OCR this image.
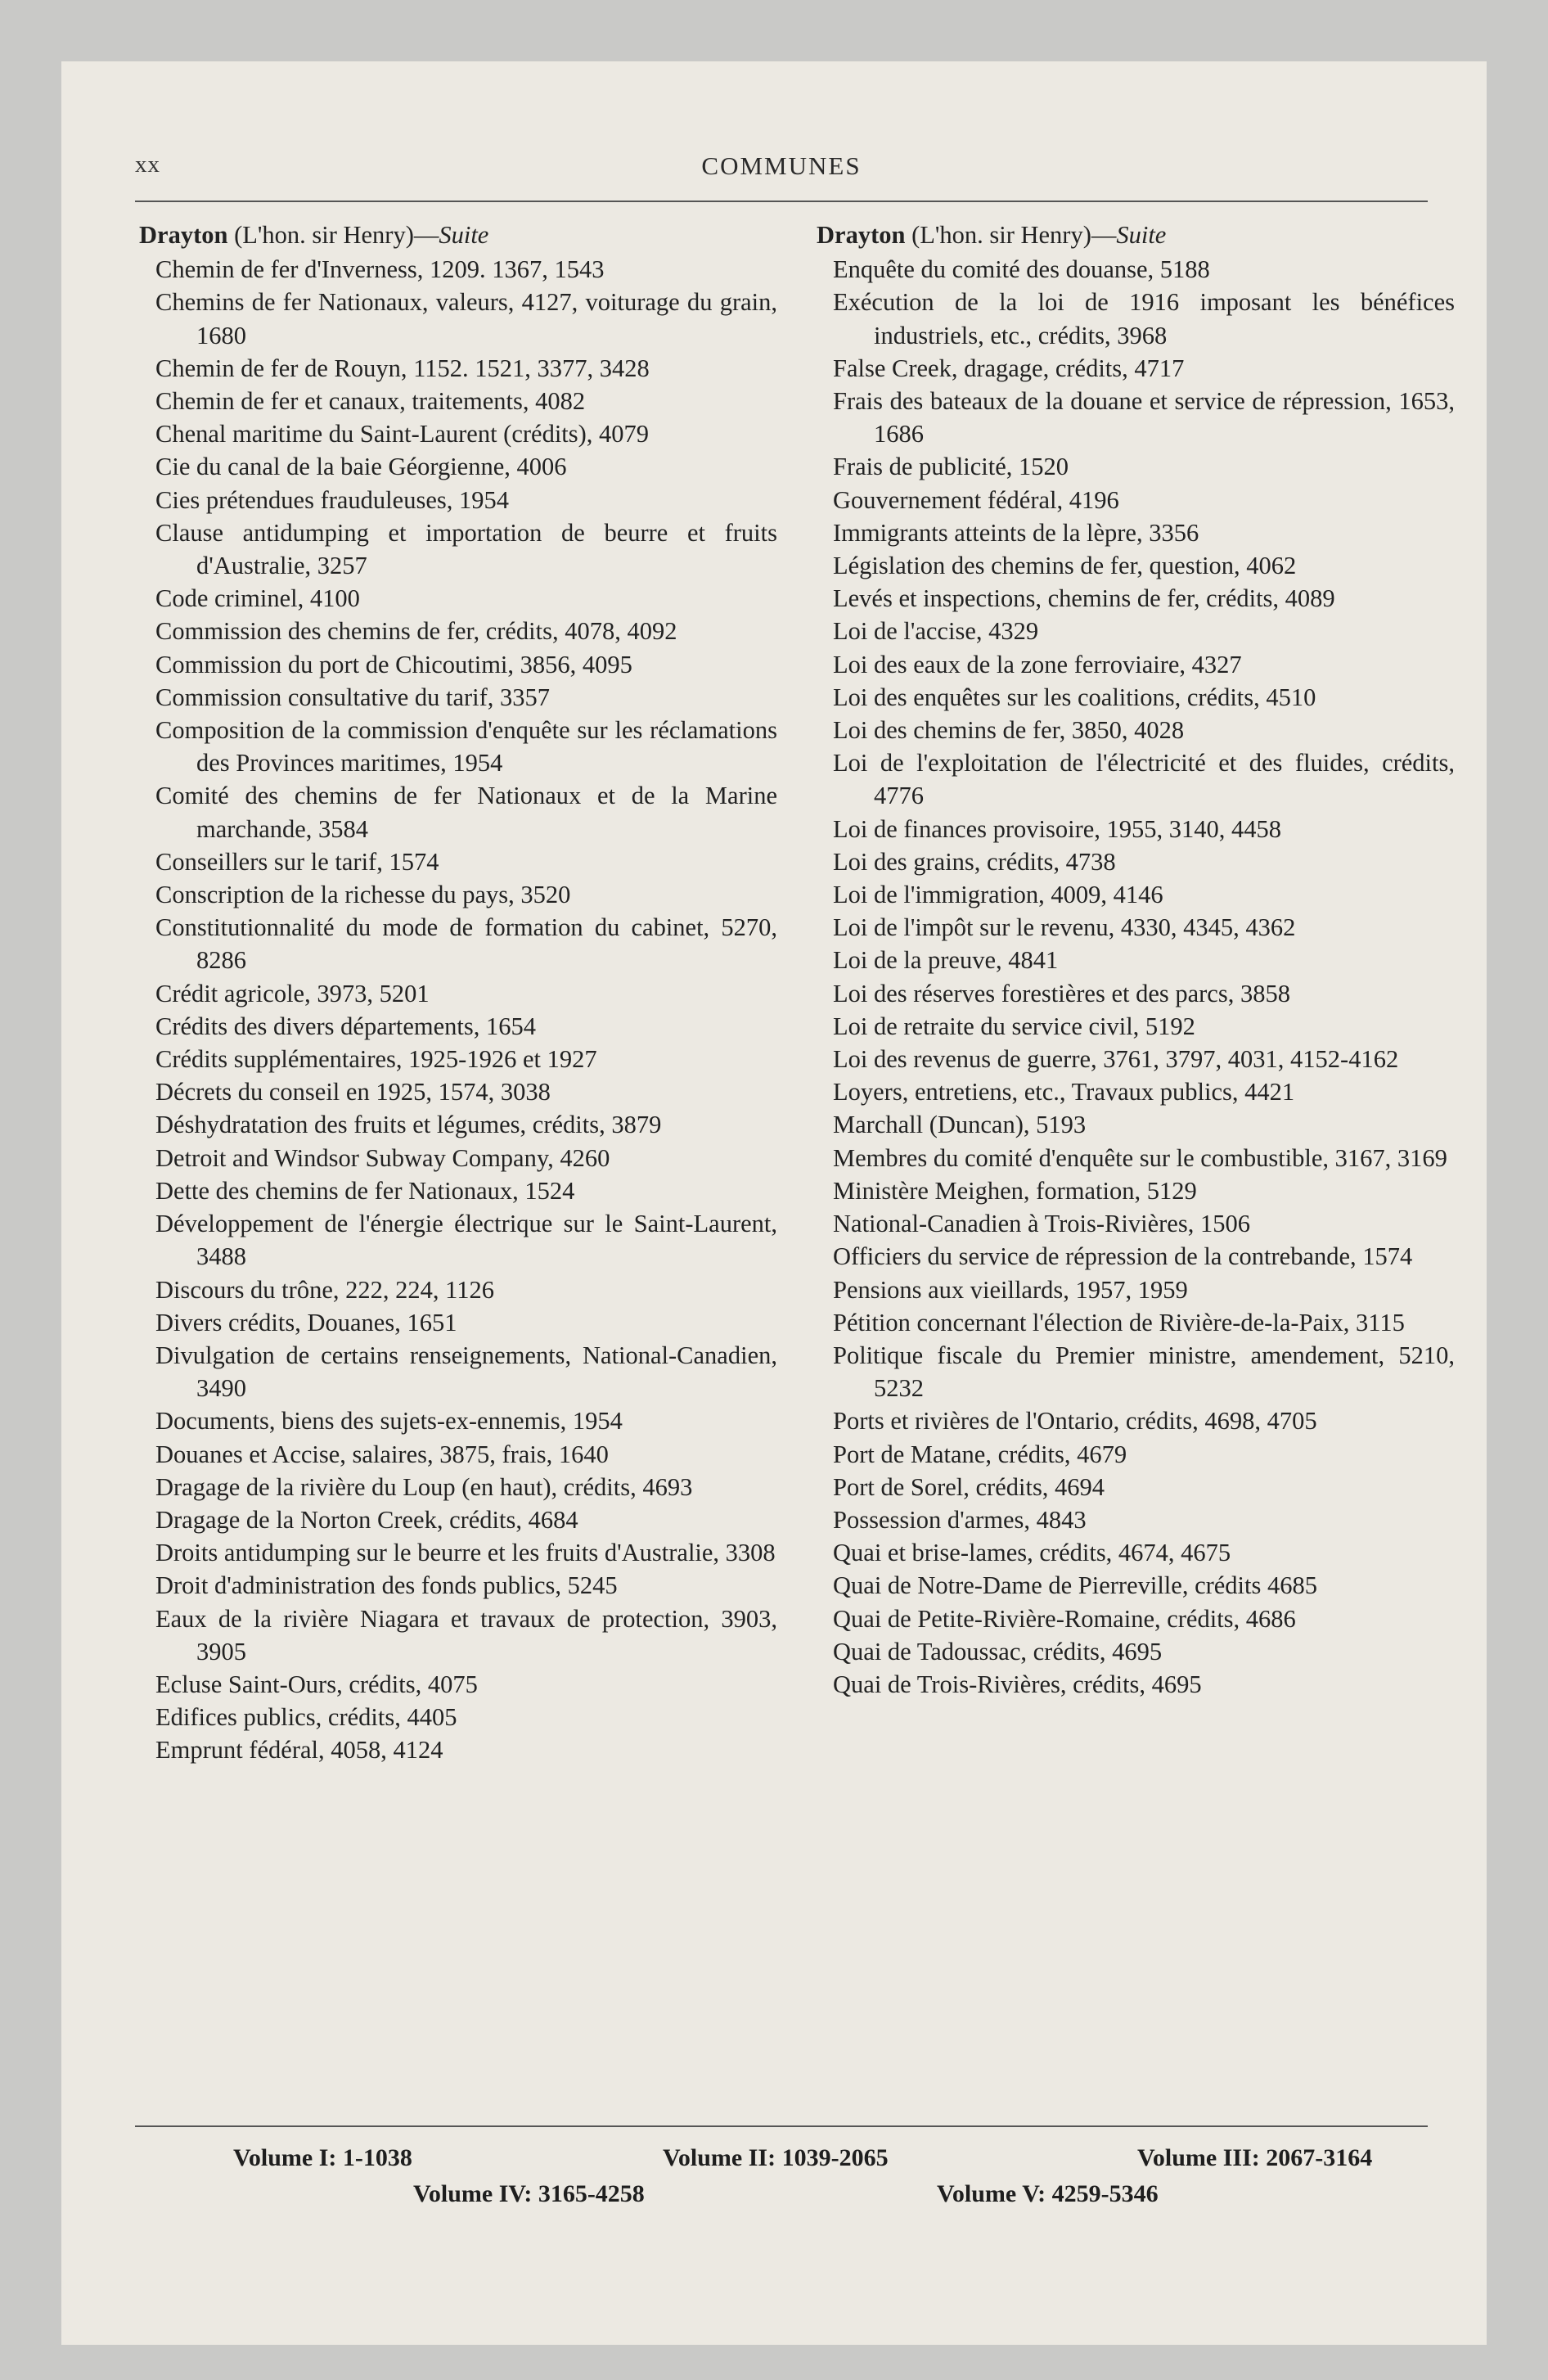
xx	COMMUNES
Drayton (L'hon. sir Henry)—Suite
Chemin de fer d'Inverness, 1209. 1367, 1543
Chemins de fer Nationaux, valeurs, 4127, voiturage du grain, 1680
Chemin de fer de Rouyn, 1152. 1521, 3377, 3428
Chemin de fer et canaux, traitements, 4082
Chenal maritime du Saint-Laurent (crédits), 4079
Cie du canal de la baie Géorgienne, 4006
Cies prétendues frauduleuses, 1954
Clause antidumping et importation de beurre et fruits d'Australie, 3257
Code criminel, 4100
Commission des chemins de fer, crédits, 4078, 4092
Commission du port de Chicoutimi, 3856, 4095
Commission consultative du tarif, 3357
Composition de la commission d'enquête sur les réclamations des Provinces maritimes, 1954
Comité des chemins de fer Nationaux et de la Marine marchande, 3584
Conseillers sur le tarif, 1574
Conscription de la richesse du pays, 3520
Constitutionnalité du mode de formation du cabinet, 5270, 8286
Crédit agricole, 3973, 5201
Crédits des divers départements, 1654
Crédits supplémentaires, 1925-1926 et 1927
Décrets du conseil en 1925, 1574, 3038
Déshydratation des fruits et légumes, crédits, 3879
Detroit and Windsor Subway Company, 4260
Dette des chemins de fer Nationaux, 1524
Développement de l'énergie électrique sur le Saint-Laurent, 3488
Discours du trône, 222, 224, 1126
Divers crédits, Douanes, 1651
Divulgation de certains renseignements, National-Canadien, 3490
Documents, biens des sujets-ex-ennemis, 1954
Douanes et Accise, salaires, 3875, frais, 1640
Dragage de la rivière du Loup (en haut), crédits, 4693
Dragage de la Norton Creek, crédits, 4684
Droits antidumping sur le beurre et les fruits d'Australie, 3308
Droit d'administration des fonds publics, 5245
Eaux de la rivière Niagara et travaux de protection, 3903, 3905
Ecluse Saint-Ours, crédits, 4075
Edifices publics, crédits, 4405
Emprunt fédéral, 4058, 4124
Drayton (L'hon. sir Henry)—Suite
Enquête du comité des douanse, 5188
Exécution de la loi de 1916 imposant les bénéfices industriels, etc., crédits, 3968
False Creek, dragage, crédits, 4717
Frais des bateaux de la douane et service de répression, 1653, 1686
Frais de publicité, 1520
Gouvernement fédéral, 4196
Immigrants atteints de la lèpre, 3356
Législation des chemins de fer, question, 4062
Levés et inspections, chemins de fer, crédits, 4089
Loi de l'accise, 4329
Loi des eaux de la zone ferroviaire, 4327
Loi des enquêtes sur les coalitions, crédits, 4510
Loi des chemins de fer, 3850, 4028
Loi de l'exploitation de l'électricité et des fluides, crédits, 4776
Loi de finances provisoire, 1955, 3140, 4458
Loi des grains, crédits, 4738
Loi de l'immigration, 4009, 4146
Loi de l'impôt sur le revenu, 4330, 4345, 4362
Loi de la preuve, 4841
Loi des réserves forestières et des parcs, 3858
Loi de retraite du service civil, 5192
Loi des revenus de guerre, 3761, 3797, 4031, 4152-4162
Loyers, entretiens, etc., Travaux publics, 4421
Marchall (Duncan), 5193
Membres du comité d'enquête sur le combustible, 3167, 3169
Ministère Meighen, formation, 5129
National-Canadien à Trois-Rivières, 1506
Officiers du service de répression de la contrebande, 1574
Pensions aux vieillards, 1957, 1959
Pétition concernant l'élection de Rivière-de-la-Paix, 3115
Politique fiscale du Premier ministre, amendement, 5210, 5232
Ports et rivières de l'Ontario, crédits, 4698, 4705
Port de Matane, crédits, 4679
Port de Sorel, crédits, 4694
Possession d'armes, 4843
Quai et brise-lames, crédits, 4674, 4675
Quai de Notre-Dame de Pierreville, crédits 4685
Quai de Petite-Rivière-Romaine, crédits, 4686
Quai de Tadoussac, crédits, 4695
Quai de Trois-Rivières, crédits, 4695
Volume I: 1-1038	Volume II: 1039-2065	Volume III: 2067-3164
Volume IV: 3165-4258	Volume V: 4259-5346
